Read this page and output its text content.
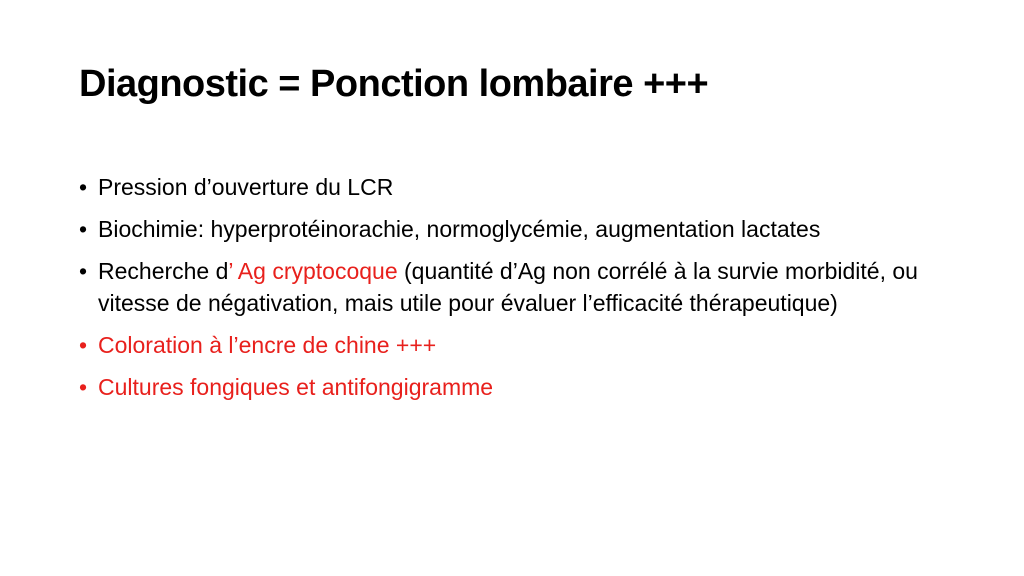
Diagnostic = Ponction lombaire +++
• Pression d’ouverture du LCR
• Biochimie: hyperprotéinorachie, normoglycémie, augmentation lactates
• Recherche d’ Ag cryptocoque (quantité d’Ag non corrélé à la survie morbidité, ou vitesse de négativation, mais utile pour évaluer l’efficacité thérapeutique)
• Coloration à l’encre de chine +++
• Cultures fongiques et antifongigramme
